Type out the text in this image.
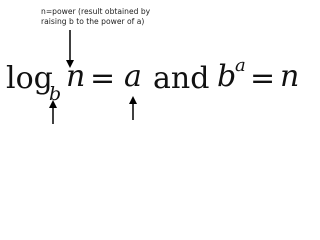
n=power (result obtained by
raising b to the power of a)
log
b n = a and b
a = n
